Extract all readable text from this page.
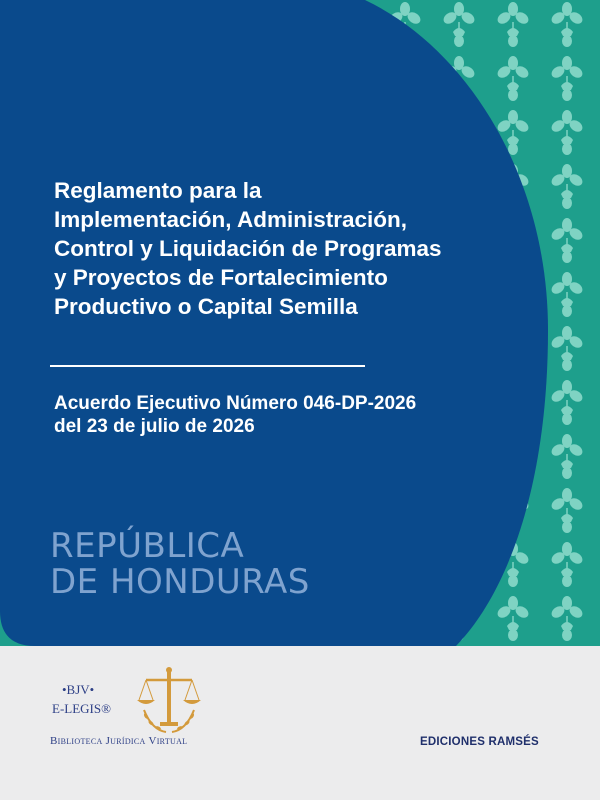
Reglamento para la
Implementación, Administración,
Control y Liquidación de Programas
y Proyectos de Fortalecimiento
Productivo o Capital Semilla

Acuerdo Ejecutivo Número 046-DP-2026
del 23 de julio de 2026

REPÚBLICA
DE HONDURAS

•BJV•
E-LEGIS®
Biblioteca Jurídica Virtual	EDICIONES RAMSÉS
